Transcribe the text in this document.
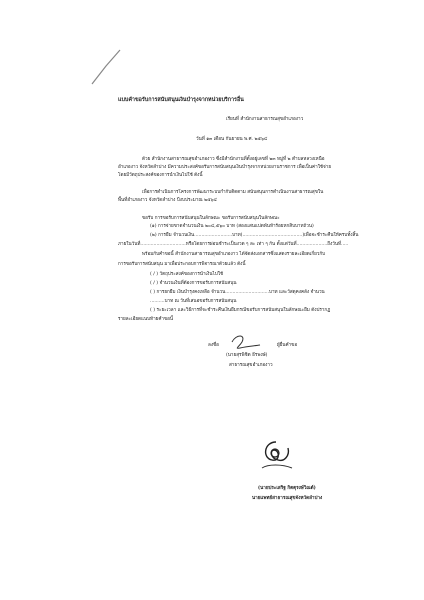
แบบคำขอรับการสนับสนุนเงินบำรุงจากหน่วยบริการอื่น
เรียนที่ สำนักงานสาธารณสุขอำเภองาว
วันที่ ๑๓ เดือน กันยายน พ.ศ. ๒๕๖๔
ด้วย สำนักงานสาธารณสุขอำเภองาว ซึ่งมีสำนักงานที่ตั้งอยู่เลขที่ ๒๓ หมู่ที่ ๒ ตำบลหลวงเหนือ
อำเภองาว จังหวัดลำปาง มีความประสงค์ขอรับการสนับสนุนเงินบำรุงจากหน่วยงานราชการ เพื่อเป็นค่าใช้จ่าย
โดยมีวัตถุประสงค์ของการนำเงินไปใช้ ดังนี้
เพื่อการดำเนินการโครงการพัฒนาระบบกำกับติดตาม สนับสนุนการดำเนินงานสาธารณสุขใน
พื้นที่อำเภองาว จังหวัดลำปาง ปีงบประมาณ ๒๕๖๔
ขอรับ การขอรับการสนับสนุนในลักษณะ ขอรับการสนับสนุนในลักษณะ
(๑) การจ่ายขาดจำนวนเงิน ๒๐๔,๕๖๐ บาท (สองแสนแปดพันห้าร้อยหกสิบบาทถ้วน)
(๒) การยืม จำนวนเงิน..........................บาท(.........................................)เพื่อจะชำระคืนให้ครบทั้งสิ้น
ภายในวันที่...............................หรือโดยการผ่อนชำระเป็นงวด ๆ ละ เท่า ๆ กัน ตั้งแต่วันที่.....................ถึงวันที่.....
พร้อมกับคำขอนี้ สำนักงานสาธารณสุขอำเภองาว ได้จัดส่งเอกสารซึ่งแสดงรายละเอียดเกี่ยวกับ
การขอรับการสนับสนุน มาเพื่อประกอบการพิจารณาด้วยแล้ว ดังนี้
( / ) วัตถุประสงค์ของการนำเงินไปใช้
( / ) จำนวนเงินที่ต้องการขอรับการสนับสนุน
( ) การยกยืม เงินบำรุงคงเหลือ จำนวน..............................บาท และวัสดุคงคลัง จำนวน
..........บาท ณ วันที่เสนอขอรับการสนับสนุน
( ) ระยะเวลา และวิธีการที่จะชำระคืนเงินยืมกรณีขอรับการสนับสนุนในลักษณะยืม ดังปรากฏ
รายละเอียดแนบท้ายคำขอนี้
ลงชื่อ	ผู้ยื่นคำขอ
(นายสุรพิชิต ธีรพงษ์)
สาธารณสุขอำเภองาว
(นายประเสริฐ กิตตุรงษ์วิณต์)
นายแพทย์สาธารณสุขจังหวัดลำปาง
